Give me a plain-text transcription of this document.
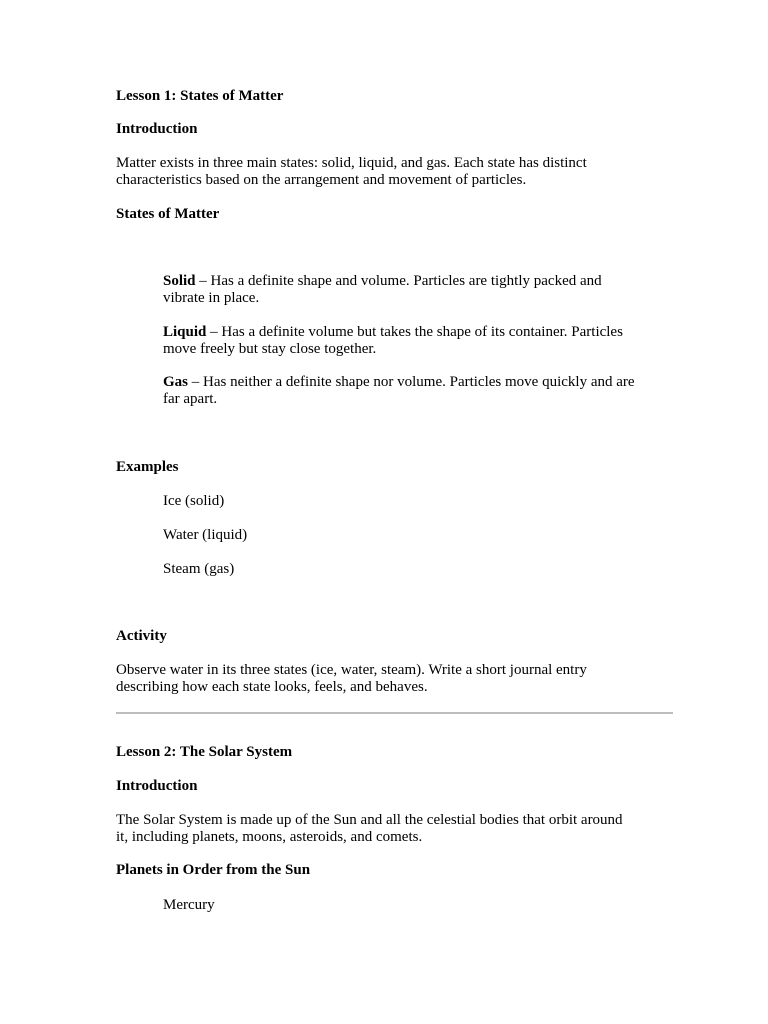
Lesson 1: States of Matter
Introduction
Matter exists in three main states: solid, liquid, and gas. Each state has distinct
characteristics based on the arrangement and movement of particles.
States of Matter
Solid – Has a definite shape and volume. Particles are tightly packed and
vibrate in place.
Liquid – Has a definite volume but takes the shape of its container. Particles
move freely but stay close together.
Gas – Has neither a definite shape nor volume. Particles move quickly and are
far apart.
Examples
Ice (solid)
Water (liquid)
Steam (gas)
Activity
Observe water in its three states (ice, water, steam). Write a short journal entry
describing how each state looks, feels, and behaves.
Lesson 2: The Solar System
Introduction
The Solar System is made up of the Sun and all the celestial bodies that orbit around
it, including planets, moons, asteroids, and comets.
Planets in Order from the Sun
Mercury
